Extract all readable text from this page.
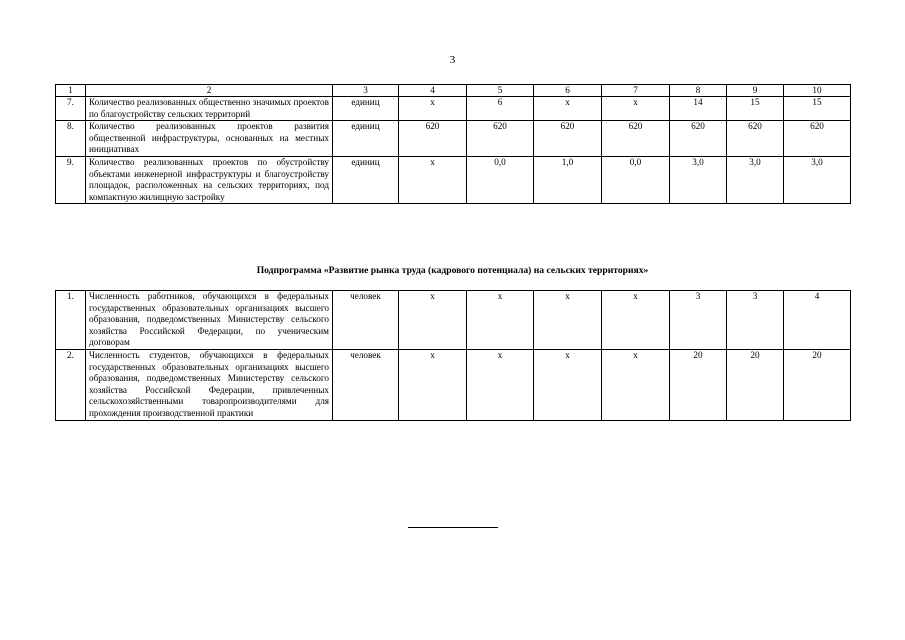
3
1	2	3	4	5	6	7	8	9	10
7.	Количество реализованных общественно значимых проектов по благоустройству сельских территорий	единиц	x	6	x	x	14	15	15
8.	Количество реализованных проектов развития общественной инфраструктуры, основанных на местных инициативах	единиц	620	620	620	620	620	620	620
9.	Количество реализованных проектов по обустройству объектами инженерной инфраструктуры и благоустройству площадок, расположенных на сельских территориях, под компактную жилищную застройку	единиц	x	0,0	1,0	0,0	3,0	3,0	3,0
Подпрограмма «Развитие рынка труда (кадрового потенциала) на сельских территориях»
1.	Численность работников, обучающихся в федеральных государственных образовательных организациях высшего образования, подведомственных Министерству сельского хозяйства Российской Федерации, по ученическим договорам	человек	x	x	x	x	3	3	4
2.	Численность студентов, обучающихся в федеральных государственных образовательных организациях высшего образования, подведомственных Министерству сельского хозяйства Российской Федерации, привлеченных сельскохозяйственными товаропроизводителями для прохождения производственной практики	человек	x	x	x	x	20	20	20
